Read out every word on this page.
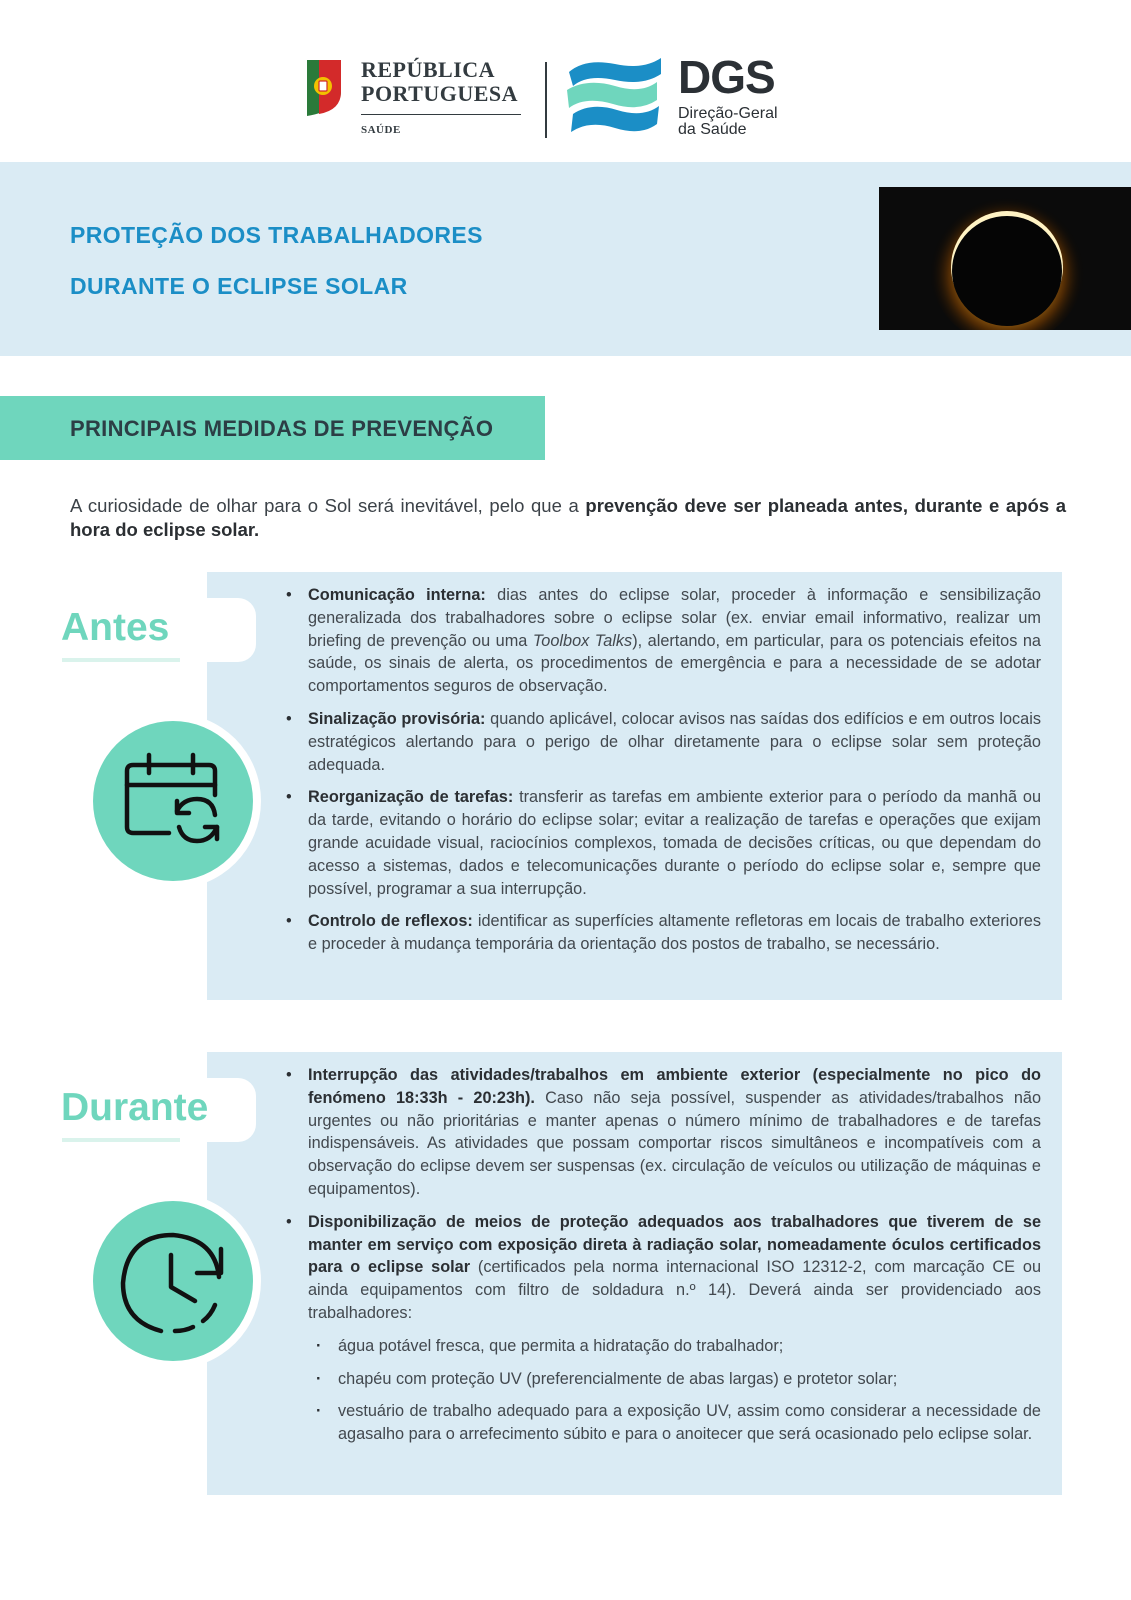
REPÚBLICA
PORTUGUESA
SAÚDE
DGS
Direção-Geral
da Saúde
PROTEÇÃO DOS TRABALHADORES
DURANTE O ECLIPSE SOLAR
PRINCIPAIS MEDIDAS DE PREVENÇÃO
A curiosidade de olhar para o Sol será inevitável, pelo que a prevenção deve ser planeada antes, durante e após a hora do eclipse solar.
Antes
• Comunicação interna: dias antes do eclipse solar, proceder à informação e sensibilização generalizada dos trabalhadores sobre o eclipse solar (ex. enviar email informativo, realizar um briefing de prevenção ou uma Toolbox Talks), alertando, em particular, para os potenciais efeitos na saúde, os sinais de alerta, os procedimentos de emergência e para a necessidade de se adotar comportamentos seguros de observação.
• Sinalização provisória: quando aplicável, colocar avisos nas saídas dos edifícios e em outros locais estratégicos alertando para o perigo de olhar diretamente para o eclipse solar sem proteção adequada.
• Reorganização de tarefas: transferir as tarefas em ambiente exterior para o período da manhã ou da tarde, evitando o horário do eclipse solar; evitar a realização de tarefas e operações que exijam grande acuidade visual, raciocínios complexos, tomada de decisões críticas, ou que dependam do acesso a sistemas, dados e telecomunicações durante o período do eclipse solar e, sempre que possível, programar a sua interrupção.
• Controlo de reflexos: identificar as superfícies altamente refletoras em locais de trabalho exteriores e proceder à mudança temporária da orientação dos postos de trabalho, se necessário.
Durante
• Interrupção das atividades/trabalhos em ambiente exterior (especialmente no pico do fenómeno 18:33h - 20:23h). Caso não seja possível, suspender as atividades/trabalhos não urgentes ou não prioritárias e manter apenas o número mínimo de trabalhadores e de tarefas indispensáveis. As atividades que possam comportar riscos simultâneos e incompatíveis com a observação do eclipse devem ser suspensas (ex. circulação de veículos ou utilização de máquinas e equipamentos).
• Disponibilização de meios de proteção adequados aos trabalhadores que tiverem de se manter em serviço com exposição direta à radiação solar, nomeadamente óculos certificados para o eclipse solar (certificados pela norma internacional ISO 12312-2, com marcação CE ou ainda equipamentos com filtro de soldadura n.º 14). Deverá ainda ser providenciado aos trabalhadores:
· água potável fresca, que permita a hidratação do trabalhador;
· chapéu com proteção UV (preferencialmente de abas largas) e protetor solar;
· vestuário de trabalho adequado para a exposição UV, assim como considerar a necessidade de agasalho para o arrefecimento súbito e para o anoitecer que será ocasionado pelo eclipse solar.
